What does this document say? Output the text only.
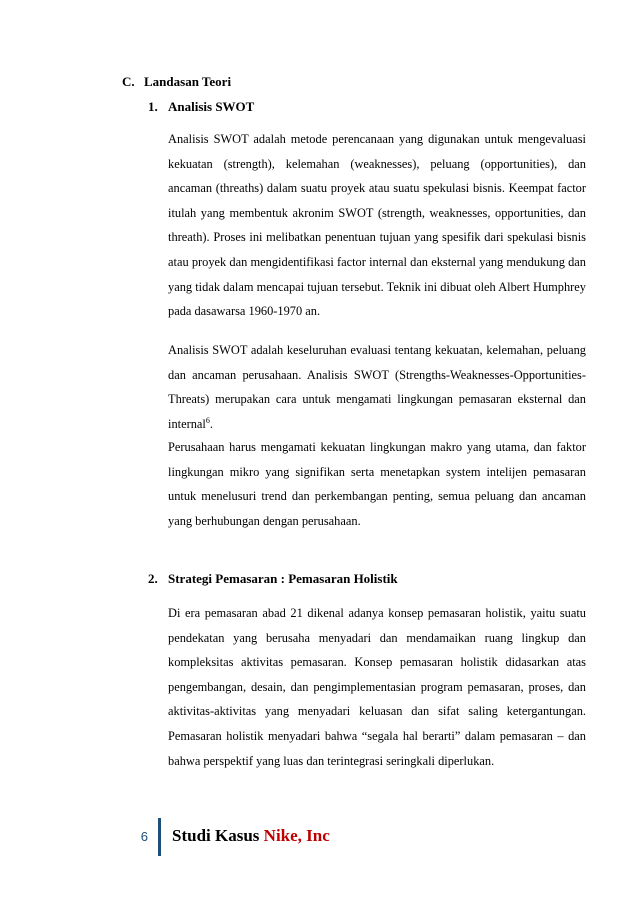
C. Landasan Teori
1. Analisis SWOT

Analisis SWOT adalah metode perencanaan yang digunakan untuk mengevaluasi kekuatan (strength), kelemahan (weaknesses), peluang (opportunities), dan ancaman (threaths) dalam suatu proyek atau suatu spekulasi bisnis. Keempat factor itulah yang membentuk akronim SWOT (strength, weaknesses, opportunities, dan threath). Proses ini melibatkan penentuan tujuan yang spesifik dari spekulasi bisnis atau proyek dan mengidentifikasi factor internal dan eksternal yang mendukung dan yang tidak dalam mencapai tujuan tersebut. Teknik ini dibuat oleh Albert Humphrey pada dasawarsa 1960-1970 an.

Analisis SWOT adalah keseluruhan evaluasi tentang kekuatan, kelemahan, peluang dan ancaman perusahaan. Analisis SWOT (Strengths-Weaknesses-Opportunities-Threats) merupakan cara untuk mengamati lingkungan pemasaran eksternal dan internal$^6$.

Perusahaan harus mengamati kekuatan lingkungan makro yang utama, dan faktor lingkungan mikro yang signifikan serta menetapkan system intelijen pemasaran untuk menelusuri trend dan perkembangan penting, semua peluang dan ancaman yang berhubungan dengan perusahaan.

2. Strategi Pemasaran : Pemasaran Holistik

Di era pemasaran abad 21 dikenal adanya konsep pemasaran holistik, yaitu suatu pendekatan yang berusaha menyadari dan mendamaikan ruang lingkup dan kompleksitas aktivitas pemasaran. Konsep pemasaran holistik didasarkan atas pengembangan, desain, dan pengimplementasian program pemasaran, proses, dan aktivitas-aktivitas yang menyadari keluasan dan sifat saling ketergantungan. Pemasaran holistik menyadari bahwa “segala hal berarti” dalam pemasaran – dan bahwa perspektif yang luas dan terintegrasi seringkali diperlukan.

6 Studi Kasus Nike, Inc
